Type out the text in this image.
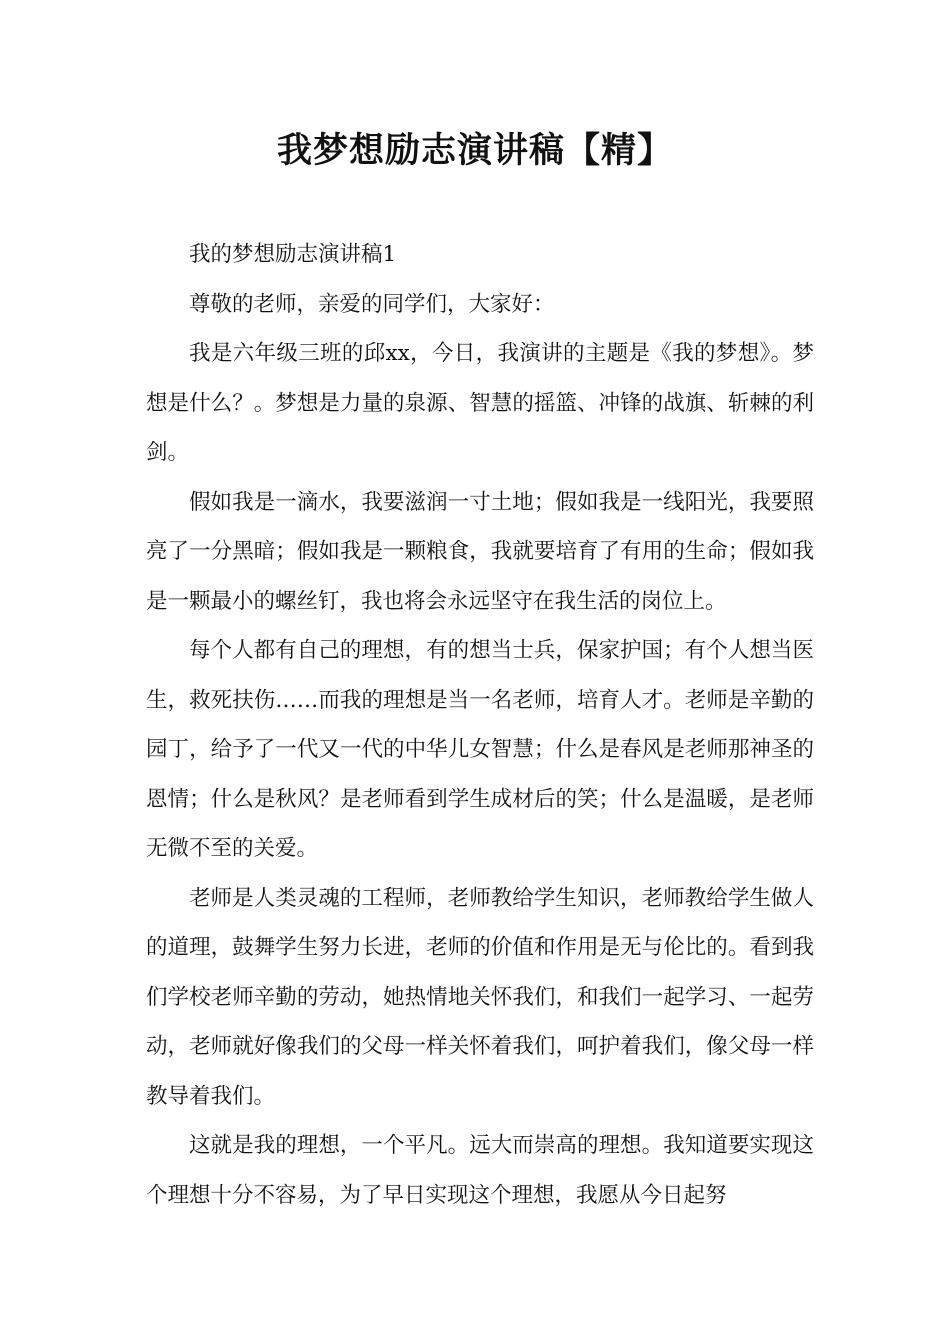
我梦想励志演讲稿【精】

我的梦想励志演讲稿1

尊敬的老师，亲爱的同学们，大家好：

我是六年级三班的邱xx，今日，我演讲的主题是《我的梦想》。梦想是什么？。梦想是力量的泉源、智慧的摇篮、冲锋的战旗、斩棘的利剑。

假如我是一滴水，我要滋润一寸土地；假如我是一线阳光，我要照亮了一分黑暗；假如我是一颗粮食，我就要培育了有用的生命；假如我是一颗最小的螺丝钉，我也将会永远坚守在我生活的岗位上。

每个人都有自己的理想，有的想当士兵，保家护国；有个人想当医生，救死扶伤……而我的理想是当一名老师，培育人才。老师是辛勤的园丁，给予了一代又一代的中华儿女智慧；什么是春风是老师那神圣的恩情；什么是秋风？是老师看到学生成材后的笑；什么是温暖，是老师无微不至的关爱。

老师是人类灵魂的工程师，老师教给学生知识，老师教给学生做人的道理，鼓舞学生努力长进，老师的价值和作用是无与伦比的。看到我们学校老师辛勤的劳动，她热情地关怀我们，和我们一起学习、一起劳动，老师就好像我们的父母一样关怀着我们，呵护着我们，像父母一样教导着我们。

这就是我的理想，一个平凡。远大而崇高的理想。我知道要实现这个理想十分不容易，为了早日实现这个理想，我愿从今日起努
